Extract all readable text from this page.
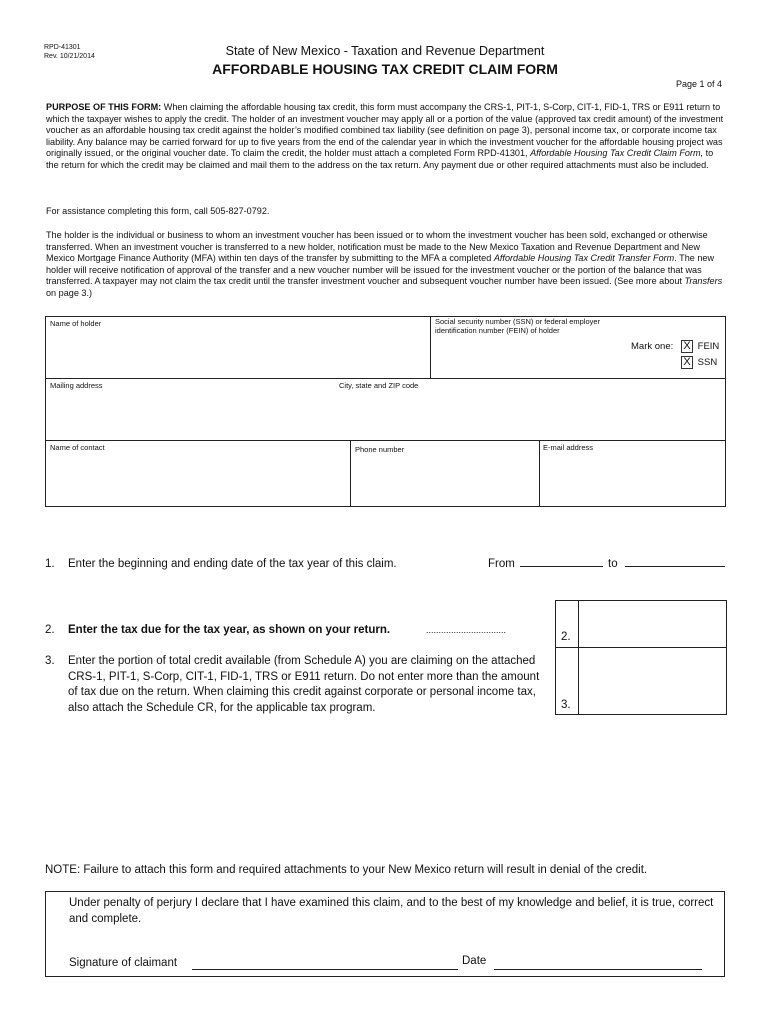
RPD-41301
Rev. 10/21/2014	State of New Mexico - Taxation and Revenue Department
AFFORDABLE HOUSING TAX CREDIT CLAIM FORM
Page 1 of 4

PURPOSE OF THIS FORM: When claiming the affordable housing tax credit, this form must accompany the CRS-1, PIT-1, S-Corp, CIT-1, FID-1, TRS or E911 return to which the taxpayer wishes to apply the credit. The holder of an investment voucher may apply all or a portion of the value (approved tax credit amount) of the investment voucher as an affordable housing tax credit against the holder’s modified combined tax liability (see definition on page 3), personal income tax, or corporate income tax liability. Any balance may be carried forward for up to five years from the end of the calendar year in which the investment voucher for the affordable housing project was originally issued, or the original voucher date. To claim the credit, the holder must attach a completed Form RPD-41301, Affordable Housing Tax Credit Claim Form, to the return for which the credit may be claimed and mail them to the address on the tax return. Any payment due or other required attachments must also be included.

For assistance completing this form, call 505-827-0792.

The holder is the individual or business to whom an investment voucher has been issued or to whom the investment voucher has been sold, exchanged or otherwise transferred. When an investment voucher is transferred to a new holder, notification must be made to the New Mexico Taxation and Revenue Department and New Mexico Mortgage Finance Authority (MFA) within ten days of the transfer by submitting to the MFA a completed Affordable Housing Tax Credit Transfer Form. The new holder will receive notification of approval of the transfer and a new voucher number will be issued for the investment voucher or the portion of the balance that was transferred. A taxpayer may not claim the tax credit until the transfer investment voucher and subsequent voucher number have been issued. (See more about Transfers on page 3.)

Name of holder	Social security number (SSN) or federal employer
identification number (FEIN) of holder
Mark one: X FEIN
X SSN
Mailing address	City, state and ZIP code
Name of contact	Phone number	E-mail address
1. Enter the beginning and ending date of the tax year of this claim.	From	to
2.
3.
2. Enter the tax due for the tax year, as shown on your return.	................................
3. Enter the portion of total credit available (from Schedule A) you are claiming on the attached CRS-1, PIT-1, S-Corp, CIT-1, FID-1, TRS or E911 return. Do not enter more than the amount of tax due on the return. When claiming this credit against corporate or personal income tax, also attach the Schedule CR, for the applicable tax program.
NOTE: Failure to attach this form and required attachments to your New Mexico return will result in denial of the credit.
Under penalty of perjury I declare that I have examined this claim, and to the best of my knowledge and belief, it is true, correct and complete.
Signature of claimant	Date
